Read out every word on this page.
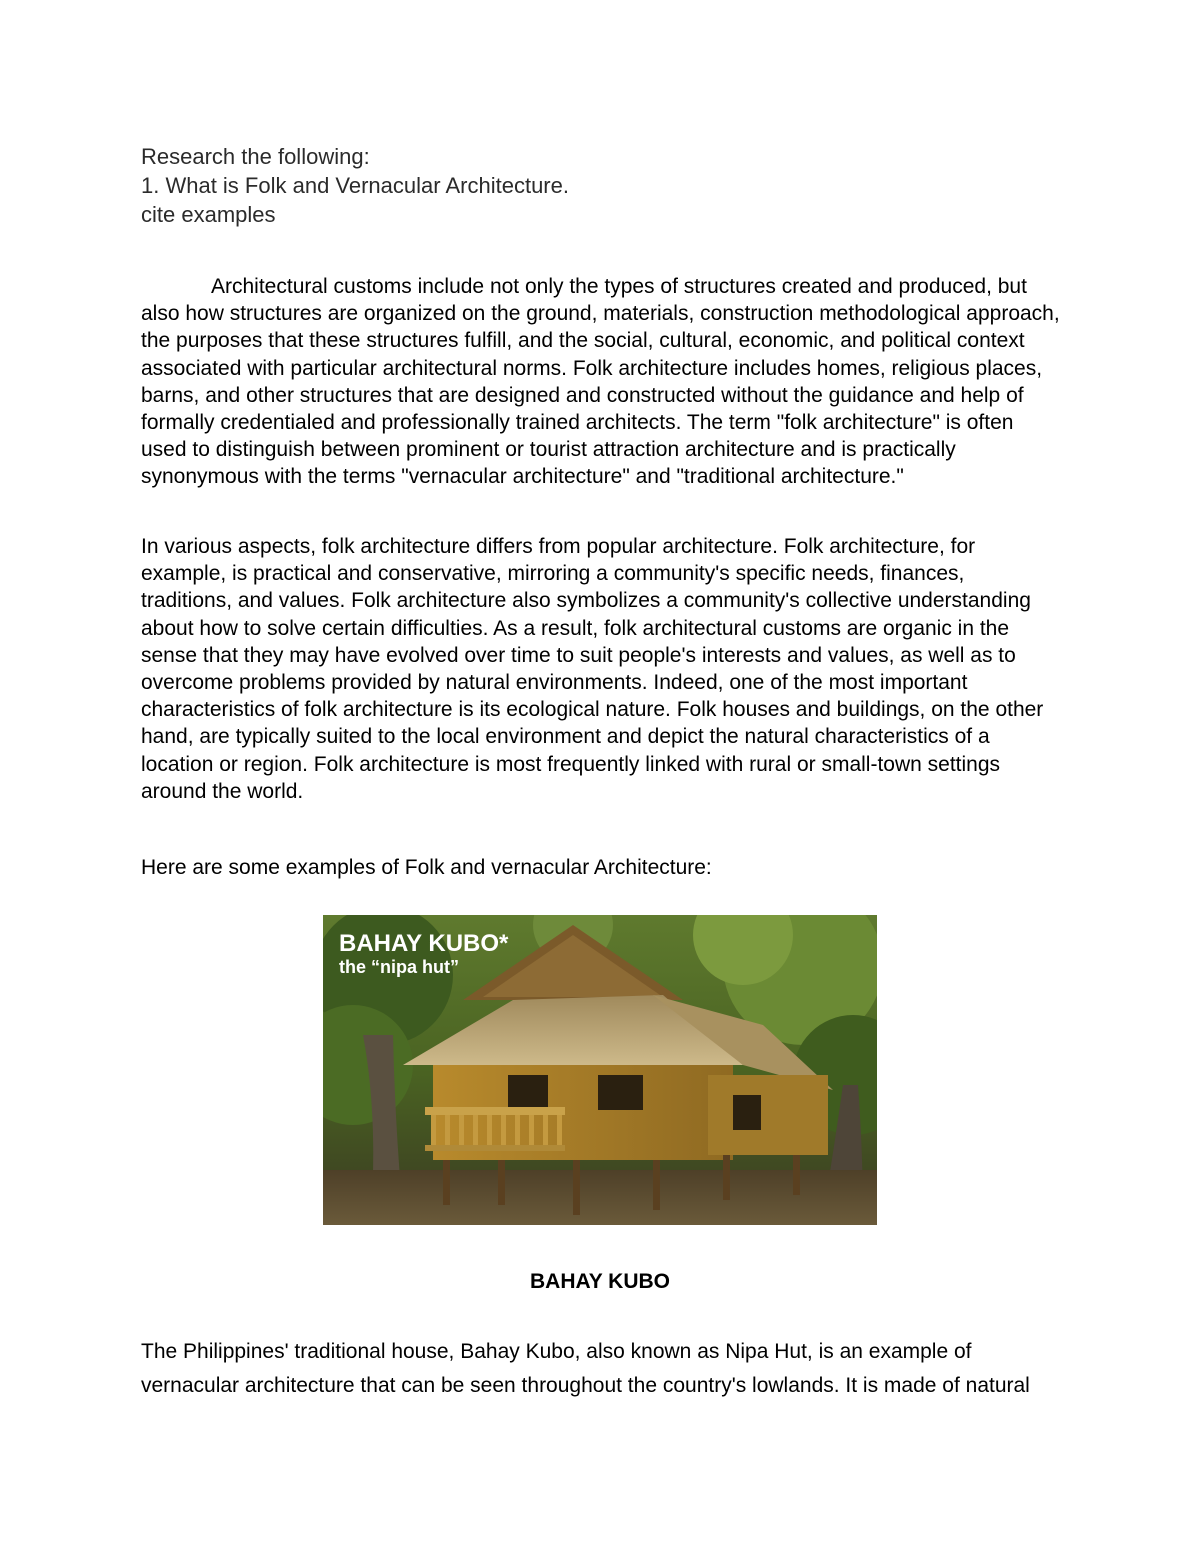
Research the following:

1. What is Folk and Vernacular Architecture.

cite examples

Architectural customs include not only the types of structures created and produced, but also how structures are organized on the ground, materials, construction methodological approach, the purposes that these structures fulfill, and the social, cultural, economic, and political context associated with particular architectural norms. Folk architecture includes homes, religious places, barns, and other structures that are designed and constructed without the guidance and help of formally credentialed and professionally trained architects. The term "folk architecture" is often used to distinguish between prominent or tourist attraction architecture and is practically synonymous with the terms "vernacular architecture" and "traditional architecture."

In various aspects, folk architecture differs from popular architecture. Folk architecture, for example, is practical and conservative, mirroring a community's specific needs, finances, traditions, and values. Folk architecture also symbolizes a community's collective understanding about how to solve certain difficulties. As a result, folk architectural customs are organic in the sense that they may have evolved over time to suit people's interests and values, as well as to overcome problems provided by natural environments. Indeed, one of the most important characteristics of folk architecture is its ecological nature. Folk houses and buildings, on the other hand, are typically suited to the local environment and depict the natural characteristics of a location or region. Folk architecture is most frequently linked with rural or small-town settings around the world.

Here are some examples of Folk and vernacular Architecture:

BAHAY KUBO*
the “nipa hut”

BAHAY KUBO

The Philippines' traditional house, Bahay Kubo, also known as Nipa Hut, is an example of vernacular architecture that can be seen throughout the country's lowlands. It is made of natural
